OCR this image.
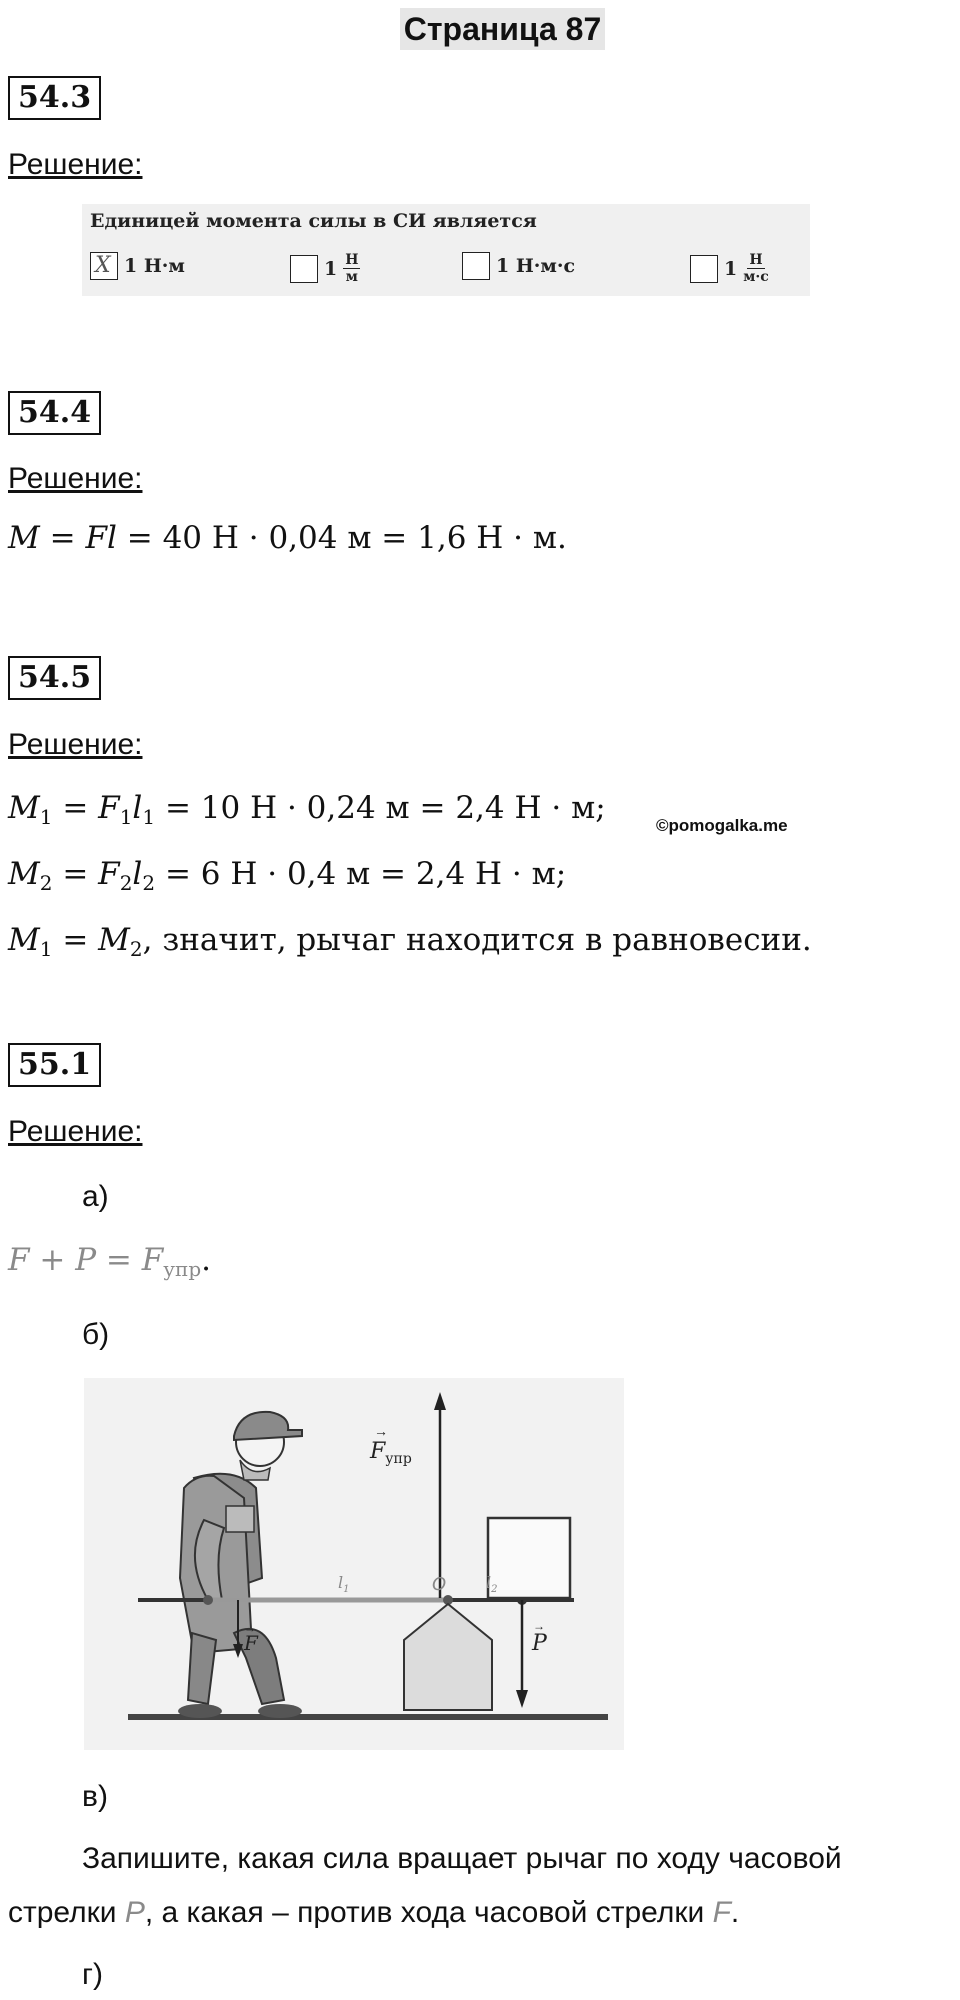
Страница 87
54.3
Решение:
Единицей момента силы в СИ является
X
1 Н·м	$1 \frac{Н}{м}$	1 Н·м·с	$1 \frac{Н}{м\cdot с}$
54.4
Решение:
M = Fl = 40 Н · 0,04 м = 1,6 Н · м.
54.5
Решение:
M1 = F1l1 = 10 Н · 0,24 м = 2,4 Н · м;	©pomogalka.me
M2 = F2l2 = 6 Н · 0,4 м = 2,4 Н · м;
M1 = M2, значит, рычаг находится в равновесии.
55.1
Решение:
а)
F + P = Fупр.
б)
$F_{упр}$
→
O
$l_1$	$l_2$
F
→
P
→
в)
Запишите, какая сила вращает рычаг по ходу часовой
стрелки P, а какая – против хода часовой стрелки F.
г)
